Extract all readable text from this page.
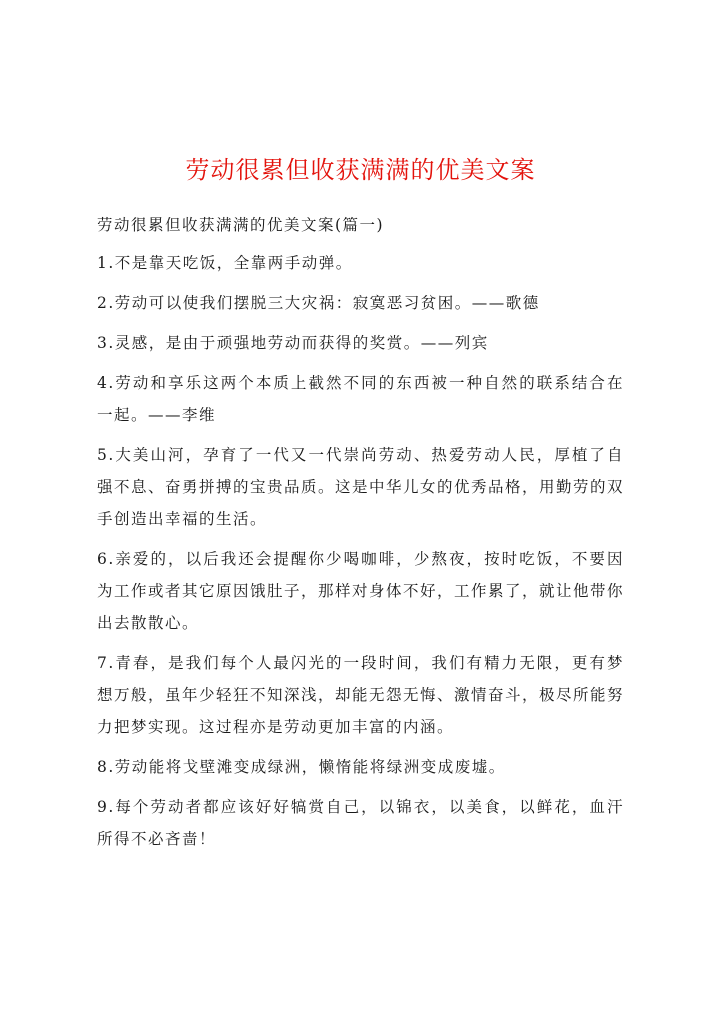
劳动很累但收获满满的优美文案

劳动很累但收获满满的优美文案(篇一)

1.不是靠天吃饭，全靠两手动弹。

2.劳动可以使我们摆脱三大灾祸：寂寞恶习贫困。——歌德

3.灵感，是由于顽强地劳动而获得的奖赏。——列宾

4.劳动和享乐这两个本质上截然不同的东西被一种自然的联系结合在一起。——李维

5.大美山河，孕育了一代又一代崇尚劳动、热爱劳动人民，厚植了自强不息、奋勇拼搏的宝贵品质。这是中华儿女的优秀品格，用勤劳的双手创造出幸福的生活。

6.亲爱的，以后我还会提醒你少喝咖啡，少熬夜，按时吃饭，不要因为工作或者其它原因饿肚子，那样对身体不好，工作累了，就让他带你出去散散心。

7.青春，是我们每个人最闪光的一段时间，我们有精力无限，更有梦想万般，虽年少轻狂不知深浅，却能无怨无悔、激情奋斗，极尽所能努力把梦实现。这过程亦是劳动更加丰富的内涵。

8.劳动能将戈壁滩变成绿洲，懒惰能将绿洲变成废墟。

9.每个劳动者都应该好好犒赏自己，以锦衣，以美食，以鲜花，血汗所得不必吝啬！
